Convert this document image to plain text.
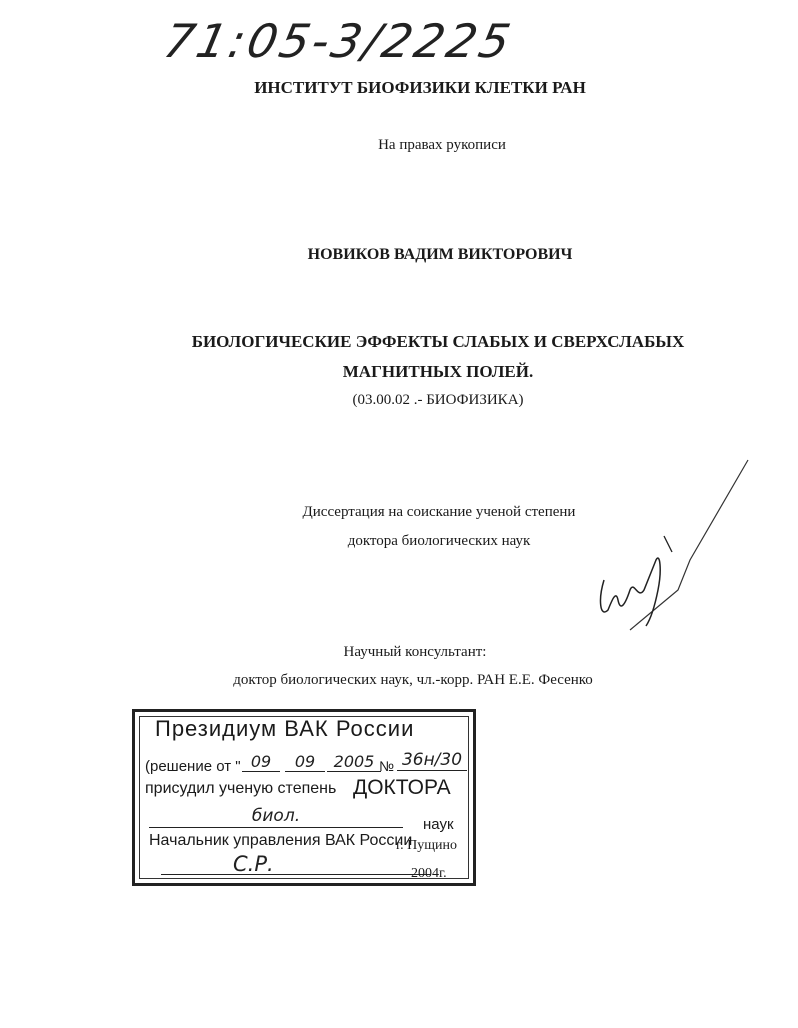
71:05-3/2225
ИНСТИТУТ БИОФИЗИКИ КЛЕТКИ РАН
На правах рукописи
НОВИКОВ ВАДИМ ВИКТОРОВИЧ
БИОЛОГИЧЕСКИЕ ЭФФЕКТЫ СЛАБЫХ И СВЕРХСЛАБЫХ
МАГНИТНЫХ ПОЛЕЙ.
(03.00.02 .- БИОФИЗИКА)
Диссертация на соискание ученой степени
доктора биологических наук
Научный консультант:
доктор биологических наук, чл.-корр. РАН Е.Е. Фесенко
Президиум ВАК России
(решение от " 09	09	2005 № 36н/30
присудил ученую степень ДОКТОРА
биол.	наук
Начальник управления ВАК России
С.Р.
г. Пущино
2004г.
